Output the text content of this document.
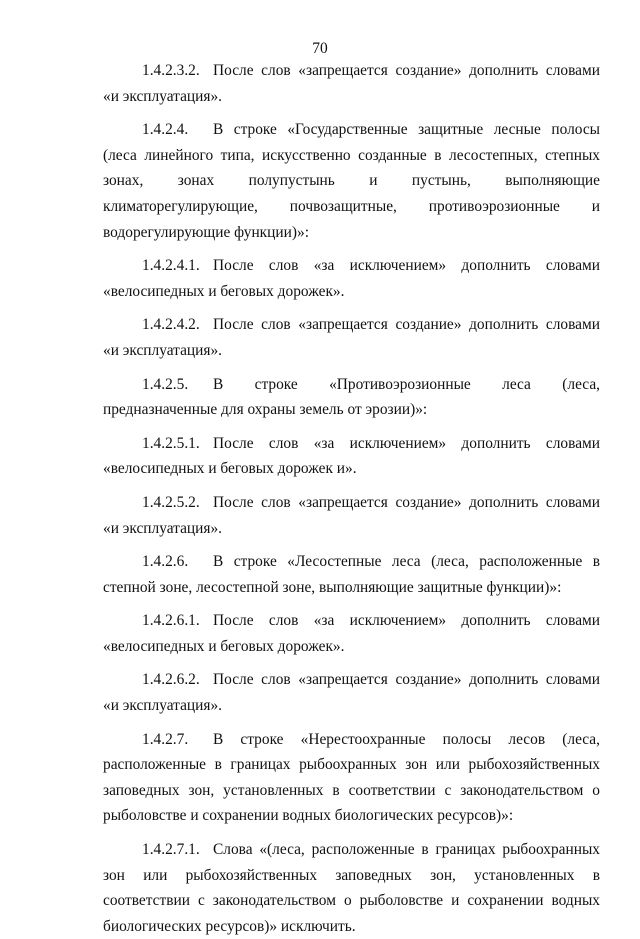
70

1.4.2.3.2. После слов «запрещается создание» дополнить словами «и эксплуатация».

1.4.2.4. В строке «Государственные защитные лесные полосы (леса линейного типа, искусственно созданные в лесостепных, степных зонах, зонах полупустынь и пустынь, выполняющие климаторегулирующие, почвозащитные, противоэрозионные и водорегулирующие функции)»:

1.4.2.4.1. После слов «за исключением» дополнить словами «велосипедных и беговых дорожек».

1.4.2.4.2. После слов «запрещается создание» дополнить словами «и эксплуатация».

1.4.2.5. В строке «Противоэрозионные леса (леса, предназначенные для охраны земель от эрозии)»:

1.4.2.5.1. После слов «за исключением» дополнить словами «велосипедных и беговых дорожек и».

1.4.2.5.2. После слов «запрещается создание» дополнить словами «и эксплуатация».

1.4.2.6. В строке «Лесостепные леса (леса, расположенные в степной зоне, лесостепной зоне, выполняющие защитные функции)»:

1.4.2.6.1. После слов «за исключением» дополнить словами «велосипедных и беговых дорожек».

1.4.2.6.2. После слов «запрещается создание» дополнить словами «и эксплуатация».

1.4.2.7. В строке «Нерестоохранные полосы лесов (леса, расположенные в границах рыбоохранных зон или рыбохозяйственных заповедных зон, установленных в соответствии с законодательством о рыболовстве и сохранении водных биологических ресурсов)»:

1.4.2.7.1. Слова «(леса, расположенные в границах рыбоохранных зон или рыбохозяйственных заповедных зон, установленных в соответствии с законодательством о рыболовстве и сохранении водных биологических ресурсов)» исключить.
